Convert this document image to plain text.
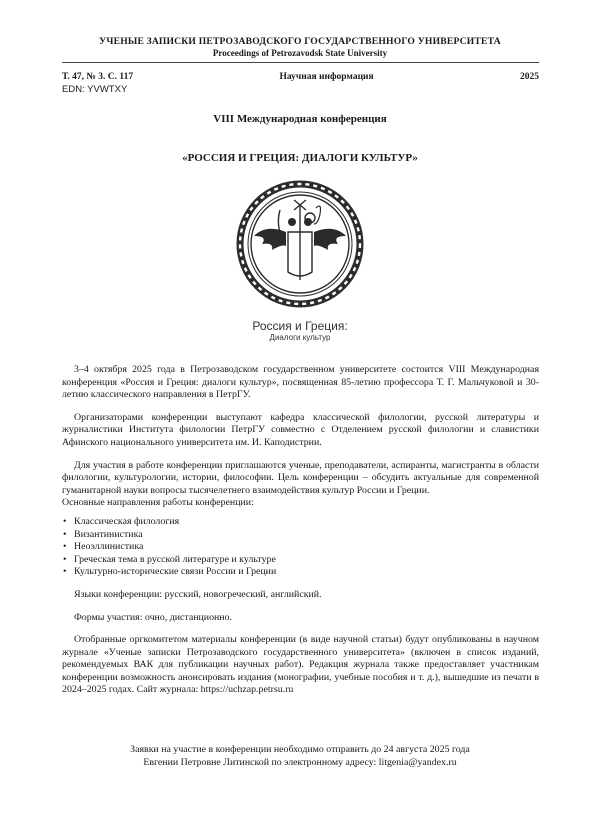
УЧЕНЫЕ ЗАПИСКИ ПЕТРОЗАВОДСКОГО ГОСУДАРСТВЕННОГО УНИВЕРСИТЕТА
Proceedings of Petrozavodsk State University
Т. 47, № 3. С. 117	Научная информация	2025
EDN: YVWTXY
VIII Международная конференция
«РОССИЯ И ГРЕЦИЯ: ДИАЛОГИ КУЛЬТУР»
Россия и Греция:
Диалоги культур

3–4 октября 2025 года в Петрозаводском государственном университете состоится VIII Международная конференция «Россия и Греция: диалоги культур», посвященная 85-летию профессора Т. Г. Мальчуковой и 30-летию классического направления в ПетрГУ.

Организаторами конференции выступают кафедра классической филологии, русской литературы и журналистики Института филологии ПетрГУ совместно с Отделением русской филологии и славистики Афинского национального университета им. И. Каподистрии.

Для участия в работе конференции приглашаются ученые, преподаватели, аспиранты, магистранты в области филологии, культурологии, истории, философии. Цель конференции – обсудить актуальные для современной гуманитарной науки вопросы тысячелетнего взаимодействия культур России и Греции.

Основные направления работы конференции:

• Классическая филология
• Византинистика
• Неоэллинистика
• Греческая тема в русской литературе и культуре
• Культурно-исторические связи России и Греции

Языки конференции: русский, новогреческий, английский.

Формы участия: очно, дистанционно.

Отобранные оргкомитетом материалы конференции (в виде научной статьи) будут опубликованы в научном журнале «Ученые записки Петрозаводского государственного университета» (включен в список изданий, рекомендуемых ВАК для публикации научных работ). Редакция журнала также предоставляет участникам конференции возможность анонсировать издания (монографии, учебные пособия и т. д.), вышедшие из печати в 2024–2025 годах. Сайт журнала: https://uchzap.petrsu.ru

Заявки на участие в конференции необходимо отправить до 24 августа 2025 года
Евгении Петровне Литинской по электронному адресу: litgenia@yandex.ru
